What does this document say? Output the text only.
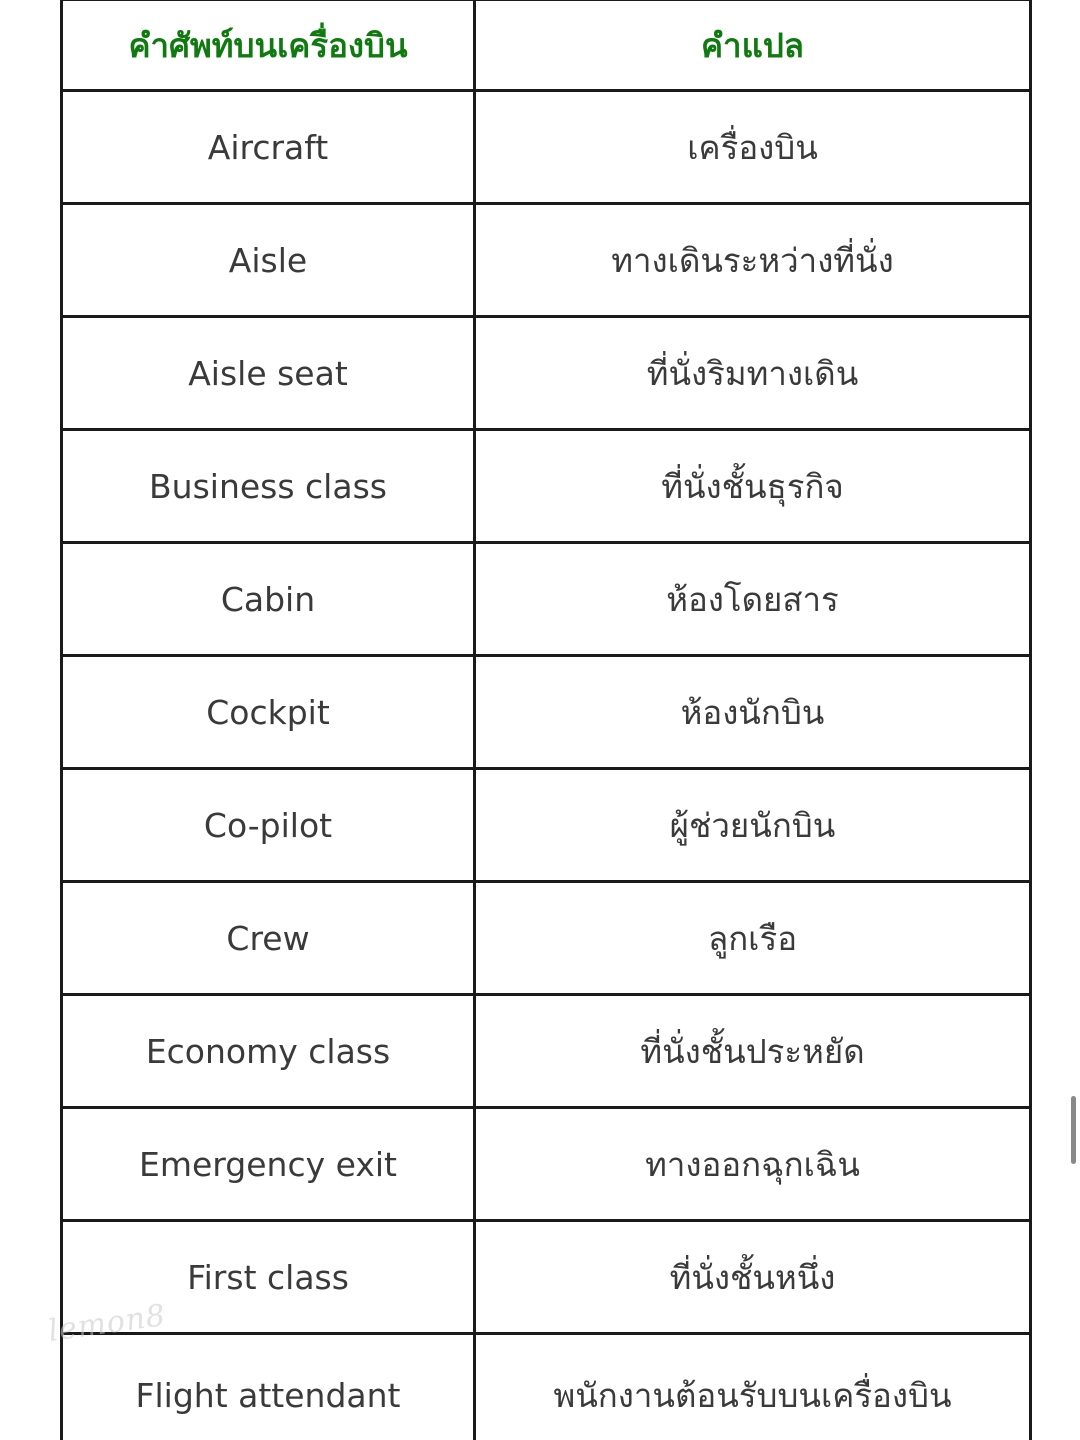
คำศัพท์บนเครื่องบิน	คำแปล
Aircraft	เครื่องบิน
Aisle	ทางเดินระหว่างที่นั่ง
Aisle seat	ที่นั่งริมทางเดิน
Business class	ที่นั่งชั้นธุรกิจ
Cabin	ห้องโดยสาร
Cockpit	ห้องนักบิน
Co-pilot	ผู้ช่วยนักบิน
Crew	ลูกเรือ
Economy class	ที่นั่งชั้นประหยัด
Emergency exit	ทางออกฉุกเฉิน
First class	ที่นั่งชั้นหนึ่ง
Flight attendant	พนักงานต้อนรับบนเครื่องบิน
lemon8
